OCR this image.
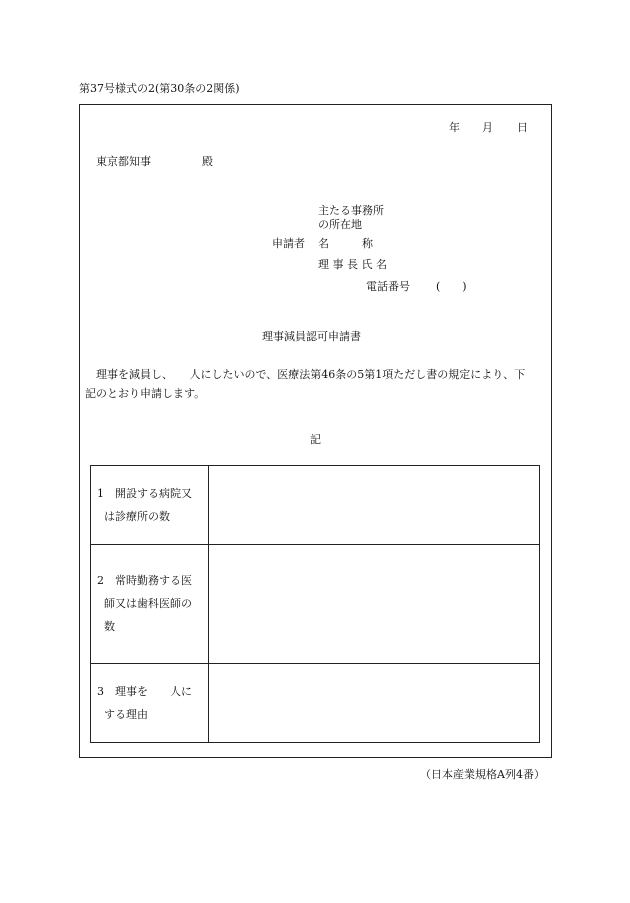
第37号様式の2(第30条の2関係)
年 月 日
東京都知事	殿
主たる事務所
の所在地
申請者 名　　　称
理 事 長 氏 名
電話番号 (　　)
理事減員認可申請書
理事を減員し、　　人にしたいので、医療法第46条の5第1項ただし書の規定により、下
記のとおり申請します。
記
1　開設する病院又
は診療所の数	

2　常時勤務する医
師又は歯科医師の
数	

3　理事を　　人に
する理由	

（日本産業規格A列4番）
